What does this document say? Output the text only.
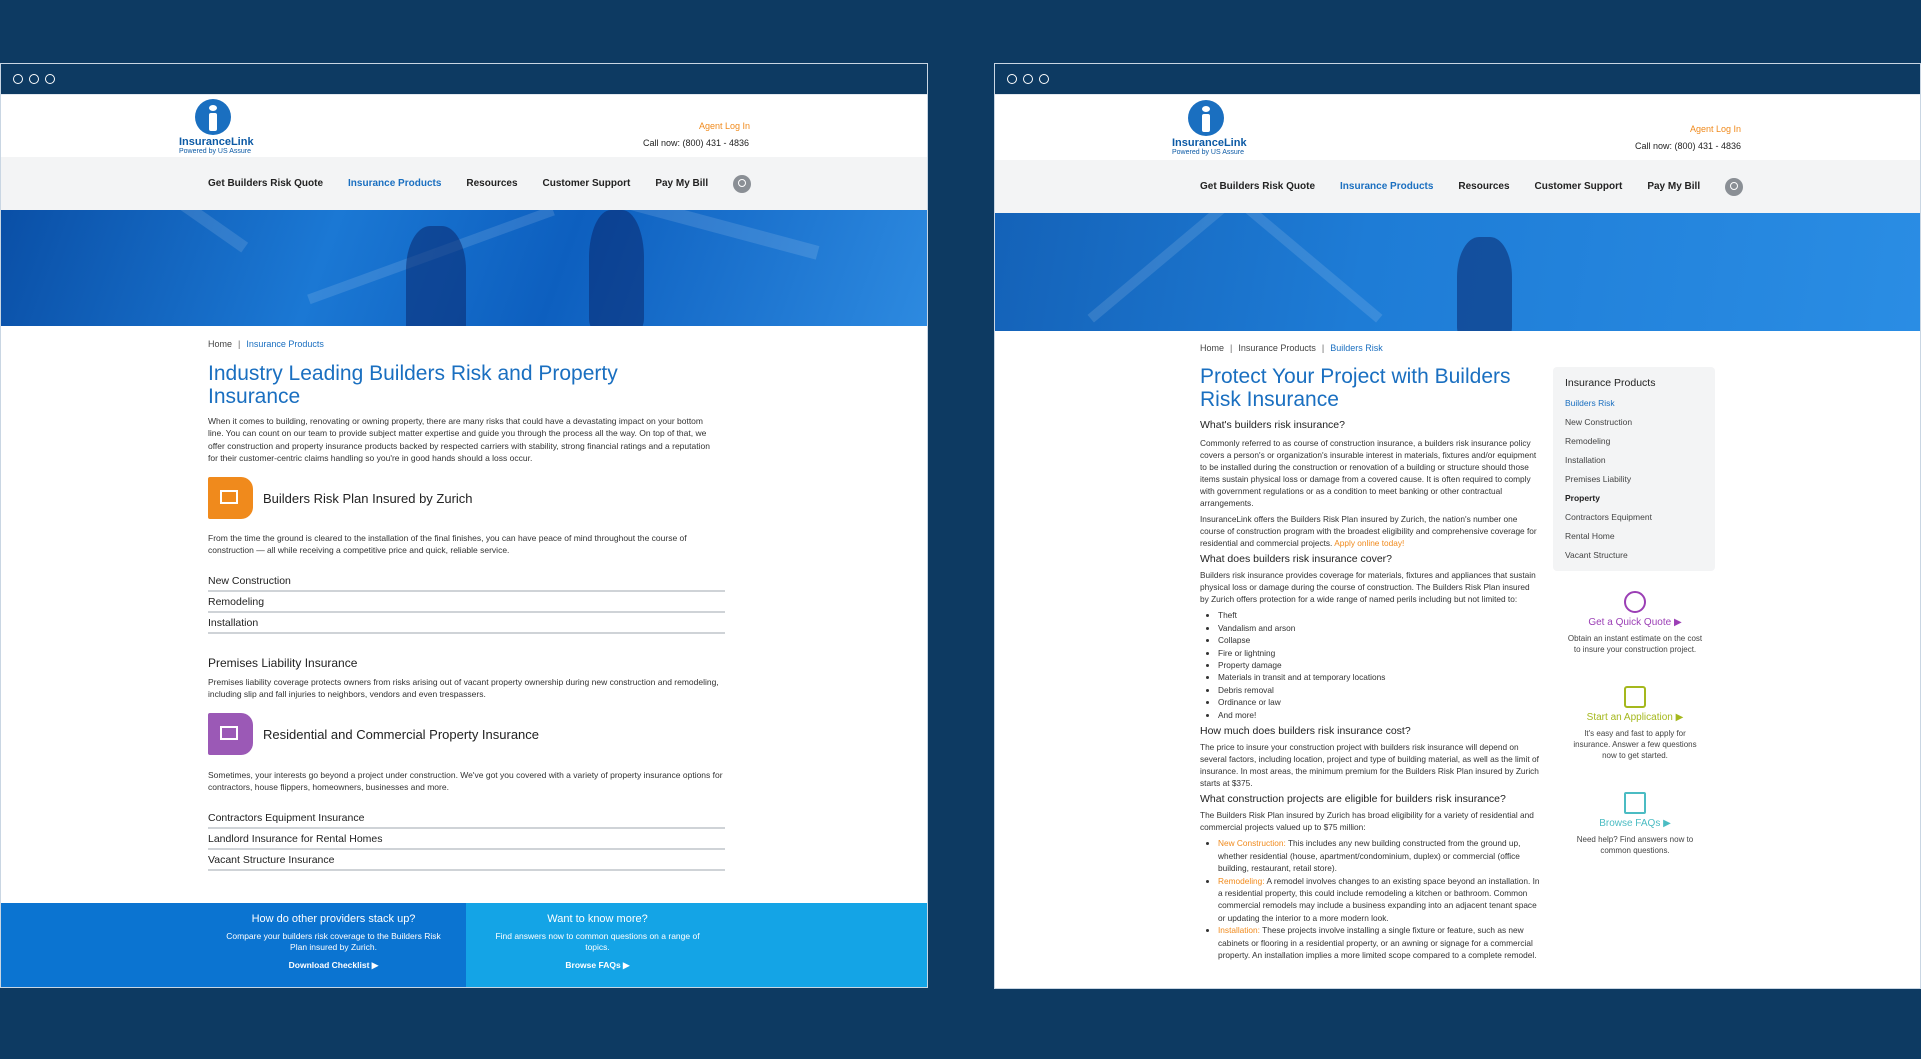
InsuranceLink
Powered by US Assure
Agent Log In
Call now: (800) 431 - 4836
Get Builders Risk Quote	Insurance Products	Resources	Customer Support	Pay My Bill
Home | Insurance Products
Industry Leading Builders Risk and Property Insurance

When it comes to building, renovating or owning property, there are many risks that could have a devastating impact on your bottom line. You can count on our team to provide subject matter expertise and guide you through the process all the way. On top of that, we offer construction and property insurance products backed by respected carriers with stability, strong financial ratings and a reputation for their customer-centric claims handling so you're in good hands should a loss occur.

Builders Risk Plan Insured by Zurich

From the time the ground is cleared to the installation of the final finishes, you can have peace of mind throughout the course of construction — all while receiving a competitive price and quick, reliable service.

New Construction
Remodeling
Installation
Premises Liability Insurance

Premises liability coverage protects owners from risks arising out of vacant property ownership during new construction and remodeling, including slip and fall injuries to neighbors, vendors and even trespassers.

Residential and Commercial Property Insurance

Sometimes, your interests go beyond a project under construction. We've got you covered with a variety of property insurance options for contractors, house flippers, homeowners, businesses and more.

Contractors Equipment Insurance
Landlord Insurance for Rental Homes
Vacant Structure Insurance
How do other providers stack up?
Compare your builders risk coverage to the Builders Risk Plan insured by Zurich.
Download Checklist ▶
Want to know more?
Find answers now to common questions on a range of topics.
Browse FAQs ▶
InsuranceLink
Powered by US Assure
Agent Log In
Call now: (800) 431 - 4836
Get Builders Risk Quote	Insurance Products	Resources	Customer Support	Pay My Bill
Home | Insurance Products | Builders Risk
Protect Your Project with Builders Risk Insurance
What's builders risk insurance?

Commonly referred to as course of construction insurance, a builders risk insurance policy covers a person's or organization's insurable interest in materials, fixtures and/or equipment to be installed during the construction or renovation of a building or structure should those items sustain physical loss or damage from a covered cause. It is often required to comply with government regulations or as a condition to meet banking or other contractual arrangements.

InsuranceLink offers the Builders Risk Plan insured by Zurich, the nation's number one course of construction program with the broadest eligibility and comprehensive coverage for residential and commercial projects. Apply online today!

What does builders risk insurance cover?

Builders risk insurance provides coverage for materials, fixtures and appliances that sustain physical loss or damage during the course of construction. The Builders Risk Plan insured by Zurich offers protection for a wide range of named perils including but not limited to:

• Theft
• Vandalism and arson
• Collapse
• Fire or lightning
• Property damage
• Materials in transit and at temporary locations
• Debris removal
• Ordinance or law
• And more!
How much does builders risk insurance cost?

The price to insure your construction project with builders risk insurance will depend on several factors, including location, project and type of building material, as well as the limit of insurance. In most areas, the minimum premium for the Builders Risk Plan insured by Zurich starts at $375.

What construction projects are eligible for builders risk insurance?

The Builders Risk Plan insured by Zurich has broad eligibility for a variety of residential and commercial projects valued up to $75 million:

• New Construction: This includes any new building constructed from the ground up, whether residential (house, apartment/condominium, duplex) or commercial (office building, restaurant, retail store).
• Remodeling: A remodel involves changes to an existing space beyond an installation. In a residential property, this could include remodeling a kitchen or bathroom. Common commercial remodels may include a business expanding into an adjacent tenant space or updating the interior to a more modern look.
• Installation: These projects involve installing a single fixture or feature, such as new cabinets or flooring in a residential property, or an awning or signage for a commercial property. An installation implies a more limited scope compared to a complete remodel.
Insurance Products
Builders Risk
New Construction
Remodeling
Installation
Premises Liability
Property
Contractors Equipment
Rental Home
Vacant Structure
Get a Quick Quote ▶
Obtain an instant estimate on the cost to insure your construction project.
Start an Application ▶
It's easy and fast to apply for insurance. Answer a few questions now to get started.
Browse FAQs ▶
Need help? Find answers now to common questions.
